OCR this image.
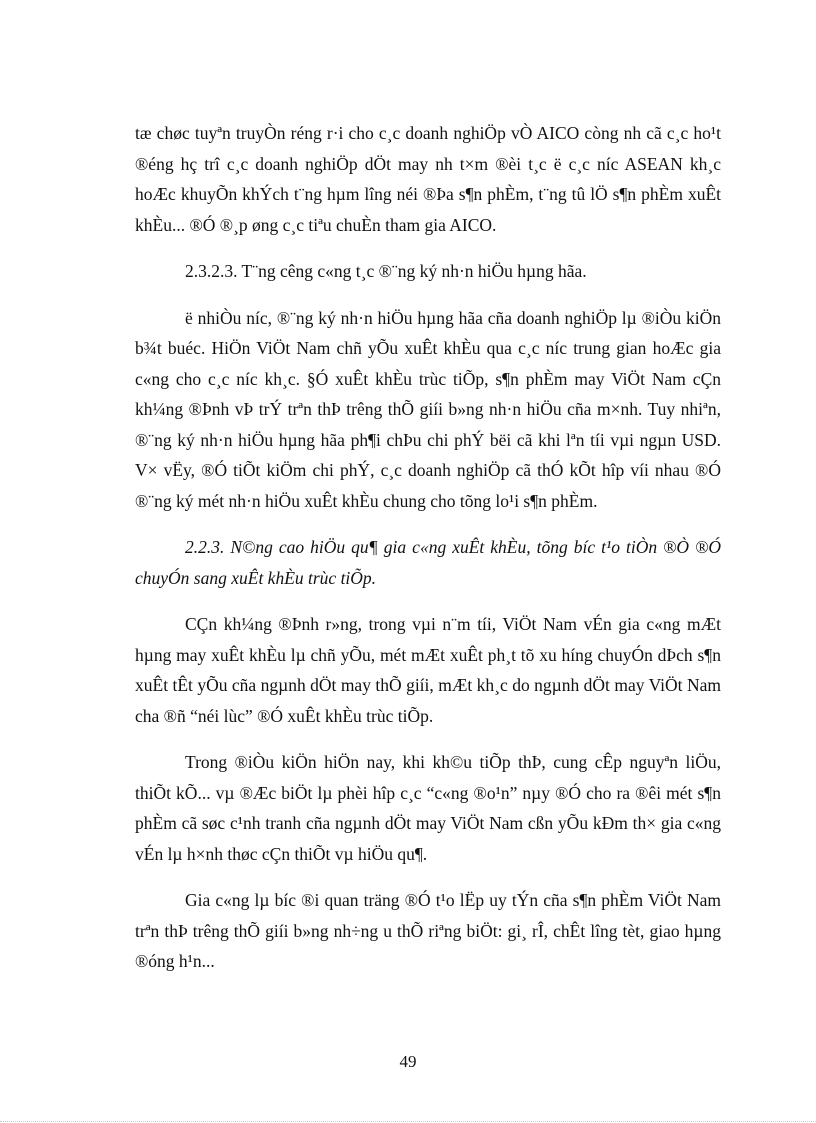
tæ chøc tuyªn truyÒn réng r·i cho c¸c doanh nghiÖp vÒ AICO còng nh cã c¸c ho¹t ®éng hç trî c¸c doanh nghiÖp dÖt may nh t×m ®èi t¸c ë c¸c níc ASEAN kh¸c hoÆc khuyÕn khÝch t¨ng hµm lîng néi ®Þa s¶n phÈm, t¨ng tû lÖ s¶n phÈm xuÊt khÈu... ®Ó ®¸p øng c¸c tiªu chuÈn tham gia AICO.

2.3.2.3. T¨ng cêng c«ng t¸c ®¨ng ký nh·n hiÖu hµng hãa.

ë nhiÒu níc, ®¨ng ký nh·n hiÖu hµng hãa cña doanh nghiÖp lµ ®iÒu kiÖn b¾t buéc. HiÖn ViÖt Nam chñ yÕu xuÊt khÈu qua c¸c níc trung gian hoÆc gia c«ng cho c¸c níc kh¸c. §Ó xuÊt khÈu trùc tiÕp, s¶n phÈm may ViÖt Nam cÇn kh¼ng ®Þnh vÞ trÝ trªn thÞ trêng thÕ giíi b»ng nh·n hiÖu cña m×nh. Tuy nhiªn, ®¨ng ký nh·n hiÖu hµng hãa ph¶i chÞu chi phÝ bëi cã khi lªn tíi vµi ngµn USD. V× vËy, ®Ó tiÕt kiÖm chi phÝ, c¸c doanh nghiÖp cã thÓ kÕt hîp víi nhau ®Ó ®¨ng ký mét nh·n hiÖu xuÊt khÈu chung cho tõng lo¹i s¶n phÈm.

2.2.3. N©ng cao hiÖu qu¶ gia c«ng xuÊt khÈu, tõng bíc t¹o tiÒn ®Ò ®Ó chuyÓn sang xuÊt khÈu trùc tiÕp.

CÇn kh¼ng ®Þnh r»ng, trong vµi n¨m tíi, ViÖt Nam vÉn gia c«ng mÆt hµng may xuÊt khÈu lµ chñ yÕu, mét mÆt xuÊt ph¸t tõ xu híng chuyÓn dÞch s¶n xuÊt tÊt yÕu cña ngµnh dÖt may thÕ giíi, mÆt kh¸c do ngµnh dÖt may ViÖt Nam cha ®ñ “néi lùc” ®Ó xuÊt khÈu trùc tiÕp.

Trong ®iÒu kiÖn hiÖn nay, khi kh©u tiÕp thÞ, cung cÊp nguyªn liÖu, thiÕt kÕ... vµ ®Æc biÖt lµ phèi hîp c¸c “c«ng ®o¹n” nµy ®Ó cho ra ®êi mét s¶n phÈm cã søc c¹nh tranh cña ngµnh dÖt may ViÖt Nam cßn yÕu kÐm th× gia c«ng vÉn lµ h×nh thøc cÇn thiÕt vµ hiÖu qu¶.

Gia c«ng lµ bíc ®i quan träng ®Ó t¹o lËp uy tÝn cña s¶n phÈm ViÖt Nam trªn thÞ trêng thÕ giíi b»ng nh÷ng u thÕ riªng biÖt: gi¸ rÎ, chÊt lîng tèt, giao hµng ®óng h¹n...

49
